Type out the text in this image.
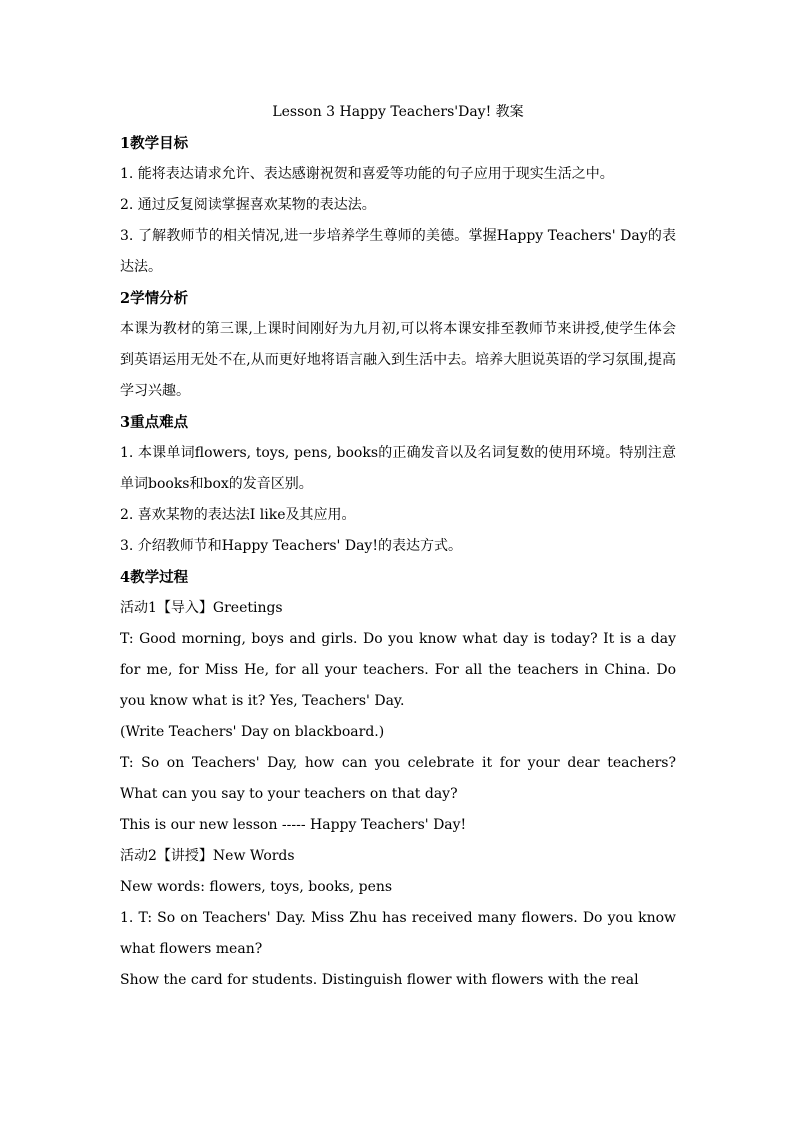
Lesson 3 Happy Teachers'Day! 教案
1教学目标
1. 能将表达请求允许、表达感谢祝贺和喜爱等功能的句子应用于现实生活之中。
2. 通过反复阅读掌握喜欢某物的表达法。
3. 了解教师节的相关情况,进一步培养学生尊师的美德。掌握Happy Teachers' Day的表达法。
2学情分析
本课为教材的第三课,上课时间刚好为九月初,可以将本课安排至教师节来讲授,使学生体会到英语运用无处不在,从而更好地将语言融入到生活中去。培养大胆说英语的学习氛围,提高学习兴趣。
3重点难点
1. 本课单词flowers, toys, pens, books的正确发音以及名词复数的使用环境。特别注意单词books和box的发音区别。
2. 喜欢某物的表达法I like及其应用。
3. 介绍教师节和Happy Teachers' Day!的表达方式。
4教学过程
活动1【导入】Greetings
T: Good morning, boys and girls. Do you know what day is today? It is a day for me, for Miss He, for all your teachers. For all the teachers in China. Do you know what is it? Yes, Teachers' Day.
(Write Teachers' Day on blackboard.)
T: So on Teachers' Day, how can you celebrate it for your dear teachers? What can you say to your teachers on that day?
This is our new lesson ----- Happy Teachers' Day!
活动2【讲授】New Words
New words: flowers, toys, books, pens
1. T: So on Teachers' Day. Miss Zhu has received many flowers. Do you know what flowers mean?
Show the card for students. Distinguish flower with flowers with the real
